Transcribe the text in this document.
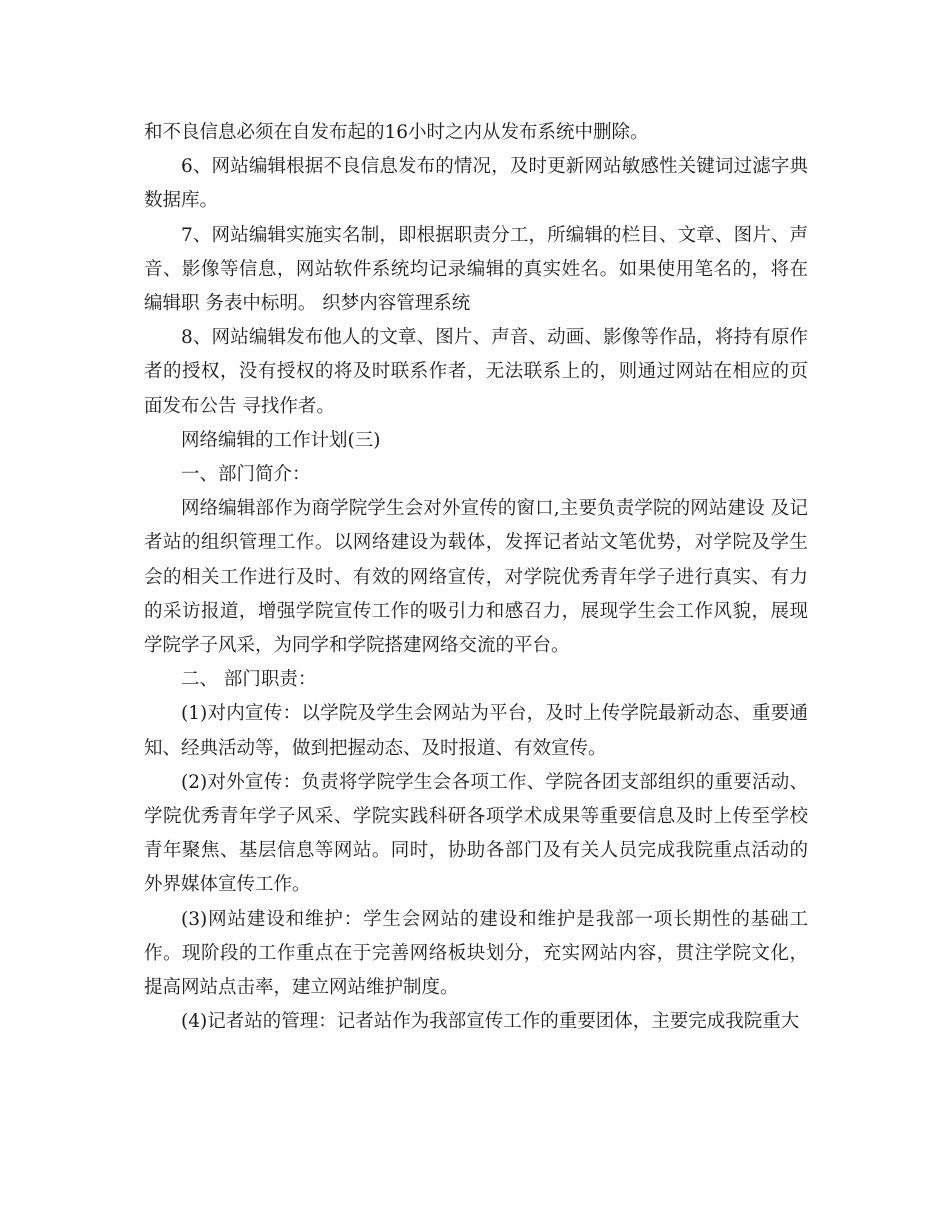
和不良信息必须在自发布起的16小时之内从发布系统中删除。

6、网站编辑根据不良信息发布的情况，及时更新网站敏感性关键词过滤字典数据库。

7、网站编辑实施实名制，即根据职责分工，所编辑的栏目、文章、图片、声音、影像等信息，网站软件系统均记录编辑的真实姓名。如果使用笔名的，将在编辑职 务表中标明。 织梦内容管理系统

8、网站编辑发布他人的文章、图片、声音、动画、影像等作品，将持有原作者的授权，没有授权的将及时联系作者，无法联系上的，则通过网站在相应的页面发布公告 寻找作者。

网络编辑的工作计划(三)

一、部门简介：

网络编辑部作为商学院学生会对外宣传的窗口,主要负责学院的网站建设 及记者站的组织管理工作。以网络建设为载体，发挥记者站文笔优势，对学院及学生会的相关工作进行及时、有效的网络宣传，对学院优秀青年学子进行真实、有力的采访报道，增强学院宣传工作的吸引力和感召力，展现学生会工作风貌，展现学院学子风采，为同学和学院搭建网络交流的平台。

二、 部门职责：

(1)对内宣传：以学院及学生会网站为平台，及时上传学院最新动态、重要通知、经典活动等，做到把握动态、及时报道、有效宣传。

(2)对外宣传：负责将学院学生会各项工作、学院各团支部组织的重要活动、学院优秀青年学子风采、学院实践科研各项学术成果等重要信息及时上传至学校青年聚焦、基层信息等网站。同时，协助各部门及有关人员完成我院重点活动的外界媒体宣传工作。

(3)网站建设和维护：学生会网站的建设和维护是我部一项长期性的基础工作。现阶段的工作重点在于完善网络板块划分，充实网站内容，贯注学院文化，提高网站点击率，建立网站维护制度。

(4)记者站的管理：记者站作为我部宣传工作的重要团体，主要完成我院重大
